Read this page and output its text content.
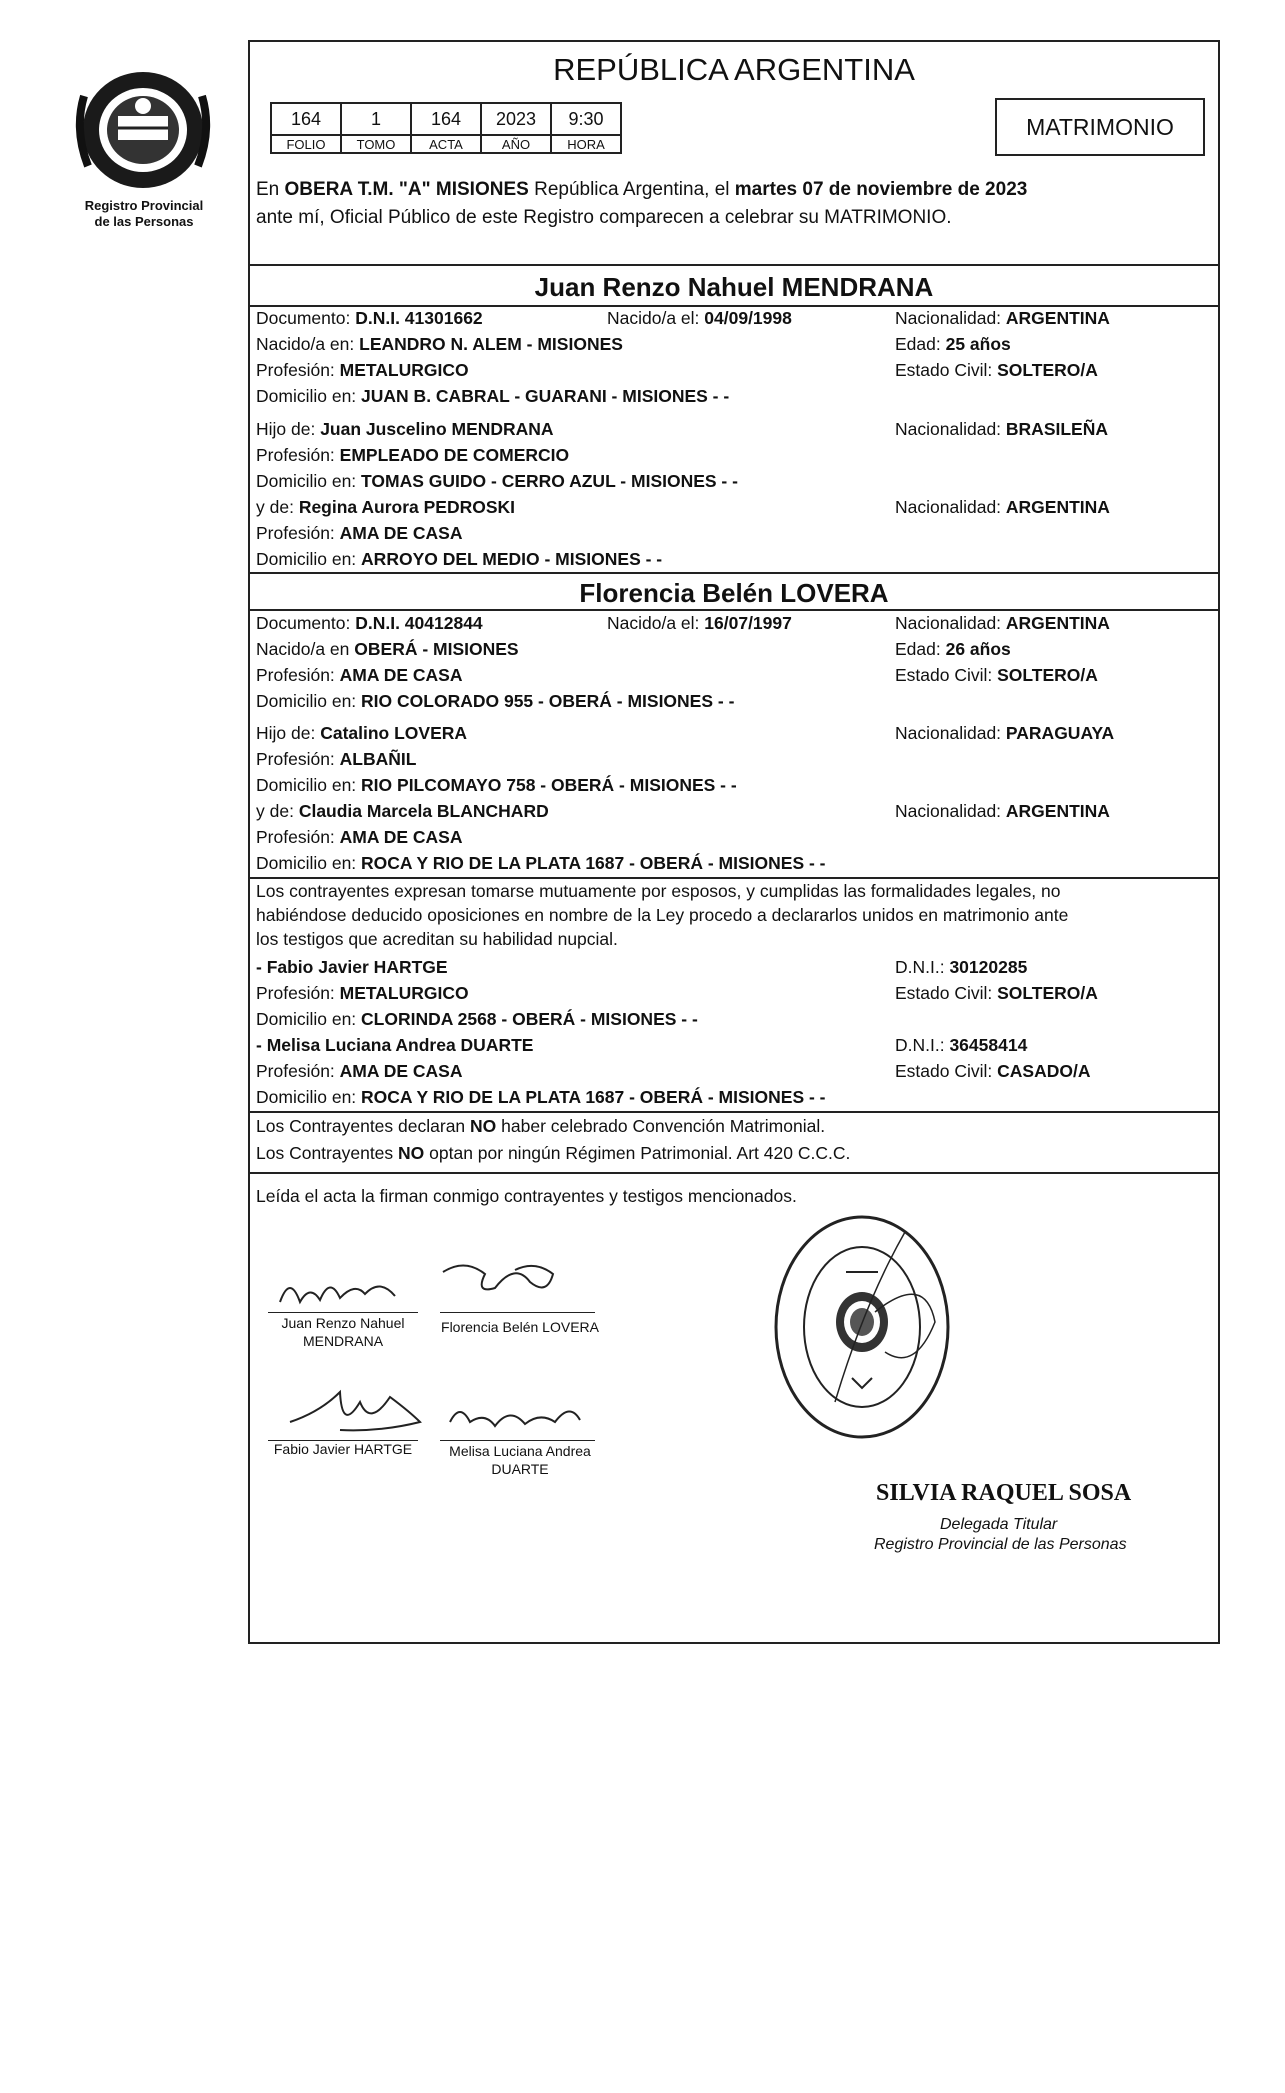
Registro Provincial
de las Personas
REPÚBLICA ARGENTINA
164	1	164	2023	9:30
FOLIO	TOMO	ACTA	AÑO	HORA
MATRIMONIO
En OBERA T.M. "A" MISIONES República Argentina, el martes 07 de noviembre de 2023
ante mí, Oficial Público de este Registro comparecen a celebrar su MATRIMONIO.
Juan Renzo Nahuel MENDRANA
Documento: D.N.I. 41301662	Nacido/a el: 04/09/1998	Nacionalidad: ARGENTINA
Nacido/a en: LEANDRO N. ALEM - MISIONES	Edad: 25 años
Profesión: METALURGICO	Estado Civil: SOLTERO/A
Domicilio en: JUAN B. CABRAL - GUARANI - MISIONES - -
Hijo de: Juan Juscelino MENDRANA	Nacionalidad: BRASILEÑA
Profesión: EMPLEADO DE COMERCIO
Domicilio en: TOMAS GUIDO - CERRO AZUL - MISIONES - -
y de: Regina Aurora PEDROSKI	Nacionalidad: ARGENTINA
Profesión: AMA DE CASA
Domicilio en: ARROYO DEL MEDIO - MISIONES - -
Florencia Belén LOVERA
Documento: D.N.I. 40412844	Nacido/a el: 16/07/1997	Nacionalidad: ARGENTINA
Nacido/a en OBERÁ - MISIONES	Edad: 26 años
Profesión: AMA DE CASA	Estado Civil: SOLTERO/A
Domicilio en: RIO COLORADO 955 - OBERÁ - MISIONES - -
Hijo de: Catalino LOVERA	Nacionalidad: PARAGUAYA
Profesión: ALBAÑIL
Domicilio en: RIO PILCOMAYO 758 - OBERÁ - MISIONES - -
y de: Claudia Marcela BLANCHARD	Nacionalidad: ARGENTINA
Profesión: AMA DE CASA
Domicilio en: ROCA Y RIO DE LA PLATA 1687 - OBERÁ - MISIONES - -
Los contrayentes expresan tomarse mutuamente por esposos, y cumplidas las formalidades legales, no
habiéndose deducido oposiciones en nombre de la Ley procedo a declararlos unidos en matrimonio ante
los testigos que acreditan su habilidad nupcial.
- Fabio Javier HARTGE	D.N.I.: 30120285
Profesión: METALURGICO	Estado Civil: SOLTERO/A
Domicilio en: CLORINDA 2568 - OBERÁ - MISIONES - -
- Melisa Luciana Andrea DUARTE	D.N.I.: 36458414
Profesión: AMA DE CASA	Estado Civil: CASADO/A
Domicilio en: ROCA Y RIO DE LA PLATA 1687 - OBERÁ - MISIONES - -
Los Contrayentes declaran NO haber celebrado Convención Matrimonial.
Los Contrayentes NO optan por ningún Régimen Patrimonial. Art 420 C.C.C.
Leída el acta la firman conmigo contrayentes y testigos mencionados.
Juan Renzo Nahuel
MENDRANA
Florencia Belén LOVERA
Fabio Javier HARTGE	Melisa Luciana Andrea
DUARTE
SILVIA RAQUEL SOSA
Delegada Titular
Registro Provincial de las Personas
